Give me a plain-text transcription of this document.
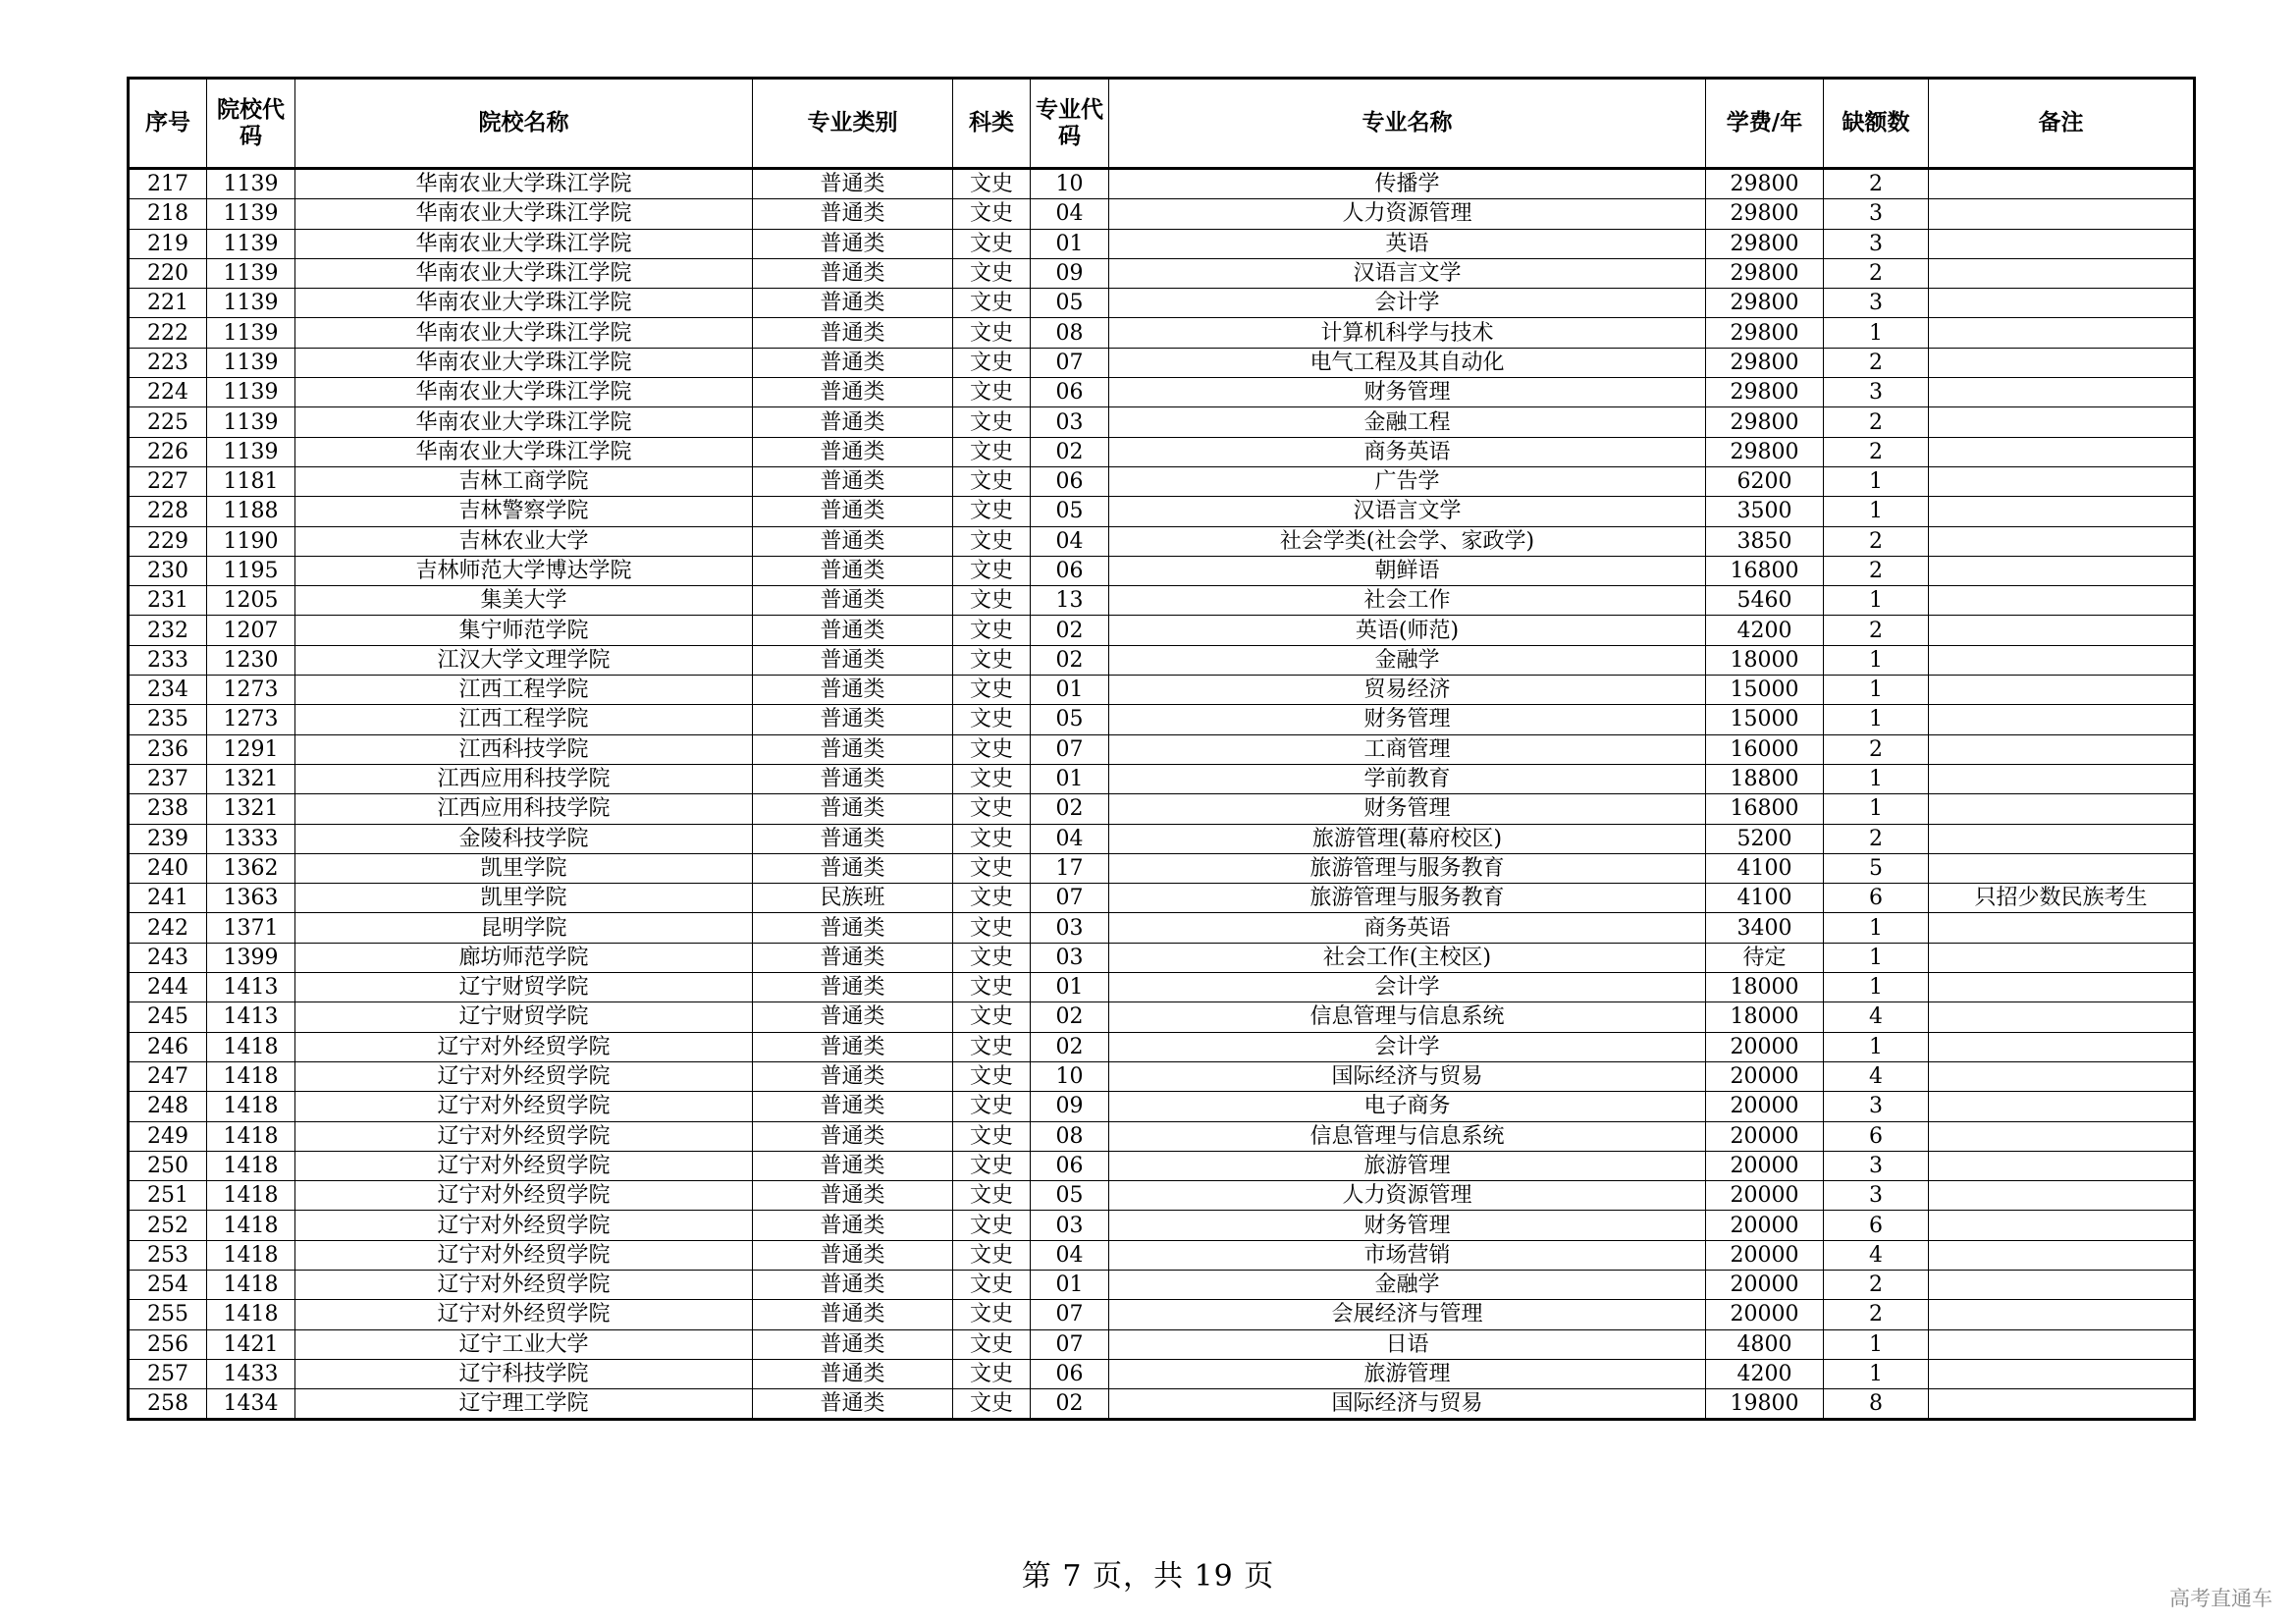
序号	院校代码	院校名称	专业类别	科类	专业代码	专业名称	学费/年	缺额数	备注
217	1139	华南农业大学珠江学院	普通类	文史	10	传播学	29800	2	
218	1139	华南农业大学珠江学院	普通类	文史	04	人力资源管理	29800	3	
219	1139	华南农业大学珠江学院	普通类	文史	01	英语	29800	3	
220	1139	华南农业大学珠江学院	普通类	文史	09	汉语言文学	29800	2	
221	1139	华南农业大学珠江学院	普通类	文史	05	会计学	29800	3	
222	1139	华南农业大学珠江学院	普通类	文史	08	计算机科学与技术	29800	1	
223	1139	华南农业大学珠江学院	普通类	文史	07	电气工程及其自动化	29800	2	
224	1139	华南农业大学珠江学院	普通类	文史	06	财务管理	29800	3	
225	1139	华南农业大学珠江学院	普通类	文史	03	金融工程	29800	2	
226	1139	华南农业大学珠江学院	普通类	文史	02	商务英语	29800	2	
227	1181	吉林工商学院	普通类	文史	06	广告学	6200	1	
228	1188	吉林警察学院	普通类	文史	05	汉语言文学	3500	1	
229	1190	吉林农业大学	普通类	文史	04	社会学类(社会学、家政学)	3850	2	
230	1195	吉林师范大学博达学院	普通类	文史	06	朝鲜语	16800	2	
231	1205	集美大学	普通类	文史	13	社会工作	5460	1	
232	1207	集宁师范学院	普通类	文史	02	英语(师范)	4200	2	
233	1230	江汉大学文理学院	普通类	文史	02	金融学	18000	1	
234	1273	江西工程学院	普通类	文史	01	贸易经济	15000	1	
235	1273	江西工程学院	普通类	文史	05	财务管理	15000	1	
236	1291	江西科技学院	普通类	文史	07	工商管理	16000	2	
237	1321	江西应用科技学院	普通类	文史	01	学前教育	18800	1	
238	1321	江西应用科技学院	普通类	文史	02	财务管理	16800	1	
239	1333	金陵科技学院	普通类	文史	04	旅游管理(幕府校区)	5200	2	
240	1362	凯里学院	普通类	文史	17	旅游管理与服务教育	4100	5	
241	1363	凯里学院	民族班	文史	07	旅游管理与服务教育	4100	6	只招少数民族考生
242	1371	昆明学院	普通类	文史	03	商务英语	3400	1	
243	1399	廊坊师范学院	普通类	文史	03	社会工作(主校区)	待定	1	
244	1413	辽宁财贸学院	普通类	文史	01	会计学	18000	1	
245	1413	辽宁财贸学院	普通类	文史	02	信息管理与信息系统	18000	4	
246	1418	辽宁对外经贸学院	普通类	文史	02	会计学	20000	1	
247	1418	辽宁对外经贸学院	普通类	文史	10	国际经济与贸易	20000	4	
248	1418	辽宁对外经贸学院	普通类	文史	09	电子商务	20000	3	
249	1418	辽宁对外经贸学院	普通类	文史	08	信息管理与信息系统	20000	6	
250	1418	辽宁对外经贸学院	普通类	文史	06	旅游管理	20000	3	
251	1418	辽宁对外经贸学院	普通类	文史	05	人力资源管理	20000	3	
252	1418	辽宁对外经贸学院	普通类	文史	03	财务管理	20000	6	
253	1418	辽宁对外经贸学院	普通类	文史	04	市场营销	20000	4	
254	1418	辽宁对外经贸学院	普通类	文史	01	金融学	20000	2	
255	1418	辽宁对外经贸学院	普通类	文史	07	会展经济与管理	20000	2	
256	1421	辽宁工业大学	普通类	文史	07	日语	4800	1	
257	1433	辽宁科技学院	普通类	文史	06	旅游管理	4200	1	
258	1434	辽宁理工学院	普通类	文史	02	国际经济与贸易	19800	8	
第 7 页，共 19 页
高考直通车
